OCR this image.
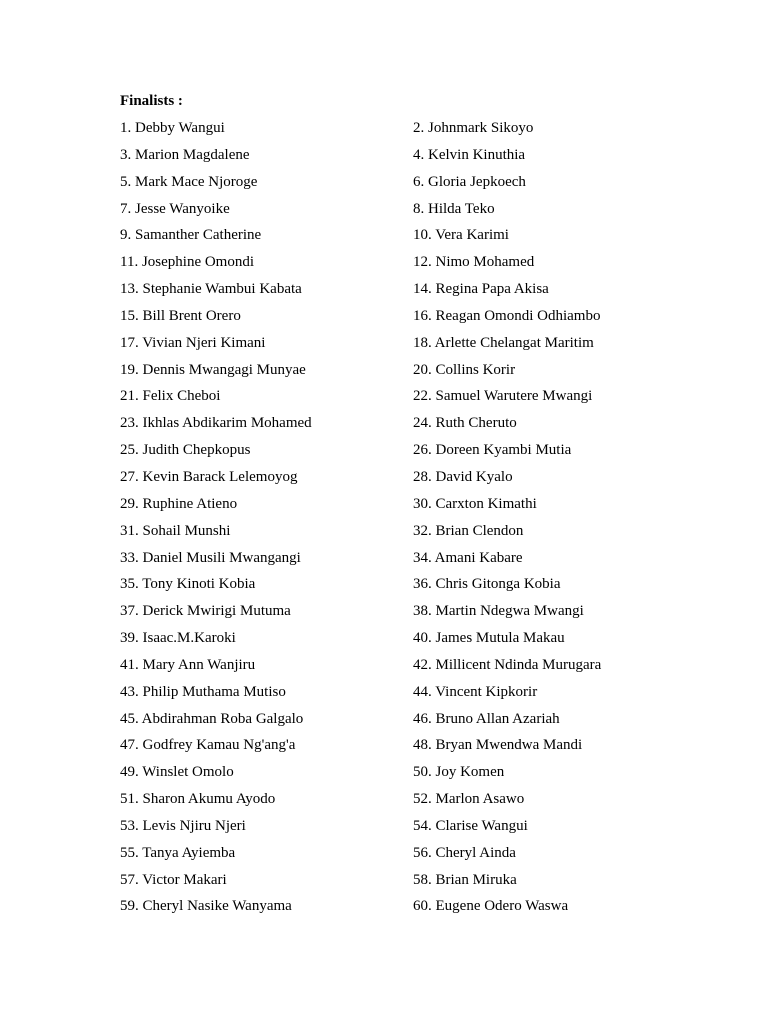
Finalists :
1. Debby Wangui	2. Johnmark Sikoyo
3. Marion Magdalene	4. Kelvin Kinuthia
5. Mark Mace Njoroge	6. Gloria Jepkoech
7. Jesse Wanyoike	8. Hilda Teko
9. Samanther Catherine	10. Vera Karimi
11. Josephine Omondi	12. Nimo Mohamed
13. Stephanie Wambui Kabata	14. Regina Papa Akisa
15. Bill Brent Orero	16. Reagan Omondi Odhiambo
17. Vivian Njeri Kimani	18. Arlette Chelangat Maritim
19. Dennis Mwangagi Munyae	20. Collins Korir
21. Felix Cheboi	22. Samuel Warutere Mwangi
23. Ikhlas Abdikarim Mohamed	24. Ruth Cheruto
25. Judith Chepkopus	26. Doreen Kyambi Mutia
27. Kevin Barack Lelemoyog	28. David Kyalo
29. Ruphine Atieno	30. Carxton Kimathi
31. Sohail Munshi	32. Brian Clendon
33. Daniel Musili Mwangangi	34. Amani Kabare
35. Tony Kinoti Kobia	36. Chris Gitonga Kobia
37. Derick Mwirigi Mutuma	38. Martin Ndegwa Mwangi
39. Isaac.M.Karoki	40. James Mutula Makau
41. Mary Ann Wanjiru	42. Millicent Ndinda Murugara
43. Philip Muthama Mutiso	44. Vincent Kipkorir
45. Abdirahman Roba Galgalo	46. Bruno Allan Azariah
47. Godfrey Kamau Ng'ang'a	48. Bryan Mwendwa Mandi
49. Winslet Omolo	50. Joy Komen
51. Sharon Akumu Ayodo	52. Marlon Asawo
53. Levis Njiru Njeri	54. Clarise Wangui
55. Tanya Ayiemba	56. Cheryl Ainda
57. Victor Makari	58. Brian Miruka
59. Cheryl Nasike Wanyama	60. Eugene Odero Waswa
